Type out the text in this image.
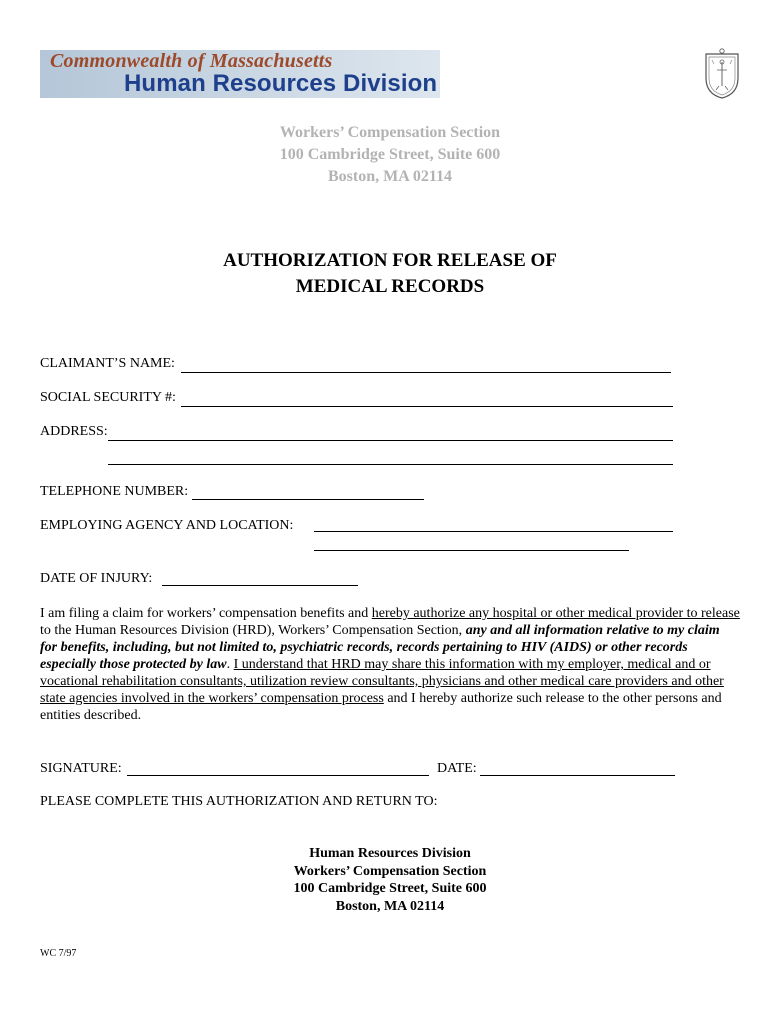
Commonwealth of Massachusetts
Human Resources Division
Workers’ Compensation Section
100 Cambridge Street, Suite 600
Boston, MA 02114
AUTHORIZATION FOR RELEASE OF
MEDICAL RECORDS
CLAIMANT’S NAME:
SOCIAL SECURITY #:
ADDRESS:
TELEPHONE NUMBER:
EMPLOYING AGENCY AND LOCATION:
DATE OF INJURY:
I am filing a claim for workers’ compensation benefits and hereby authorize any hospital or other medical provider to release to the Human Resources Division (HRD), Workers’ Compensation Section, any and all information relative to my claim for benefits, including, but not limited to, psychiatric records, records pertaining to HIV (AIDS) or other records especially those protected by law. I understand that HRD may share this information with my employer, medical and or vocational rehabilitation consultants, utilization review consultants, physicians and other medical care providers and other state agencies involved in the workers’ compensation process and I hereby authorize such release to the other persons and entities described.
SIGNATURE:	DATE:
PLEASE COMPLETE THIS AUTHORIZATION AND RETURN TO:
Human Resources Division
Workers’ Compensation Section
100 Cambridge Street, Suite 600
Boston, MA 02114
WC 7/97
